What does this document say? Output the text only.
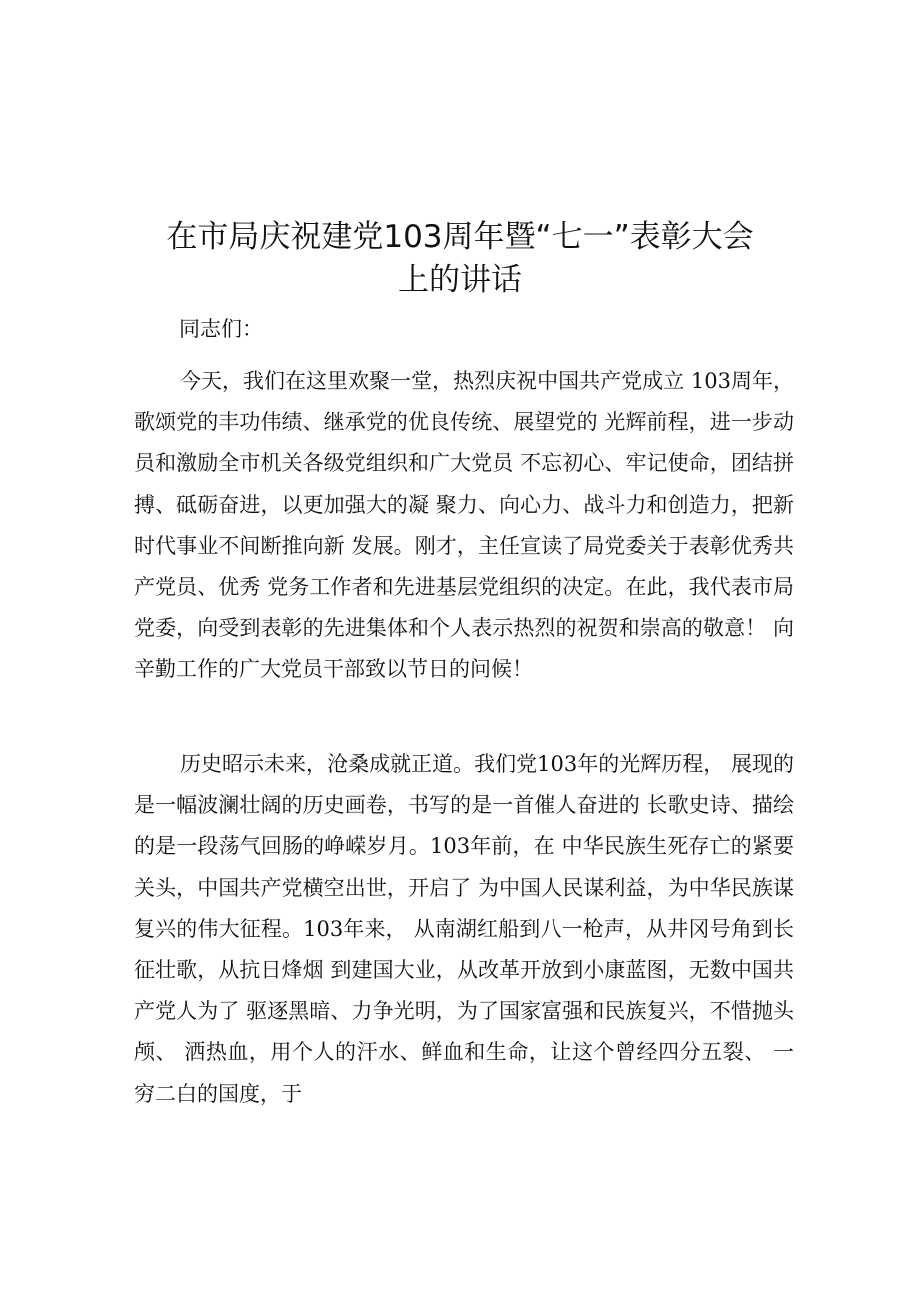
在市局庆祝建党103周年暨“七一”表彰大会
上的讲话

同志们：

今天，我们在这里欢聚一堂，热烈庆祝中国共产党成立 103周年，歌颂党的丰功伟绩、继承党的优良传统、展望党的 光辉前程，进一步动员和激励全市机关各级党组织和广大党员 不忘初心、牢记使命，团结拼搏、砥砺奋进，以更加强大的凝 聚力、向心力、战斗力和创造力，把新时代事业不间断推向新 发展。刚才，主任宣读了局党委关于表彰优秀共产党员、优秀 党务工作者和先进基层党组织的决定。在此，我代表市局党委，向受到表彰的先进集体和个人表示热烈的祝贺和崇高的敬意！ 向辛勤工作的广大党员干部致以节日的问候！

历史昭示未来，沧桑成就正道。我们党103年的光辉历程， 展现的是一幅波澜壮阔的历史画卷，书写的是一首催人奋进的 长歌史诗、描绘的是一段荡气回肠的峥嵘岁月。103年前，在 中华民族生死存亡的紧要关头，中国共产党横空出世，开启了 为中国人民谋利益，为中华民族谋复兴的伟大征程。103年来， 从南湖红船到八一枪声，从井冈号角到长征壮歌，从抗日烽烟 到建国大业，从改革开放到小康蓝图，无数中国共产党人为了 驱逐黑暗、力争光明，为了国家富强和民族复兴，不惜抛头颅、 洒热血，用个人的汗水、鲜血和生命，让这个曾经四分五裂、 一穷二白的国度，于
